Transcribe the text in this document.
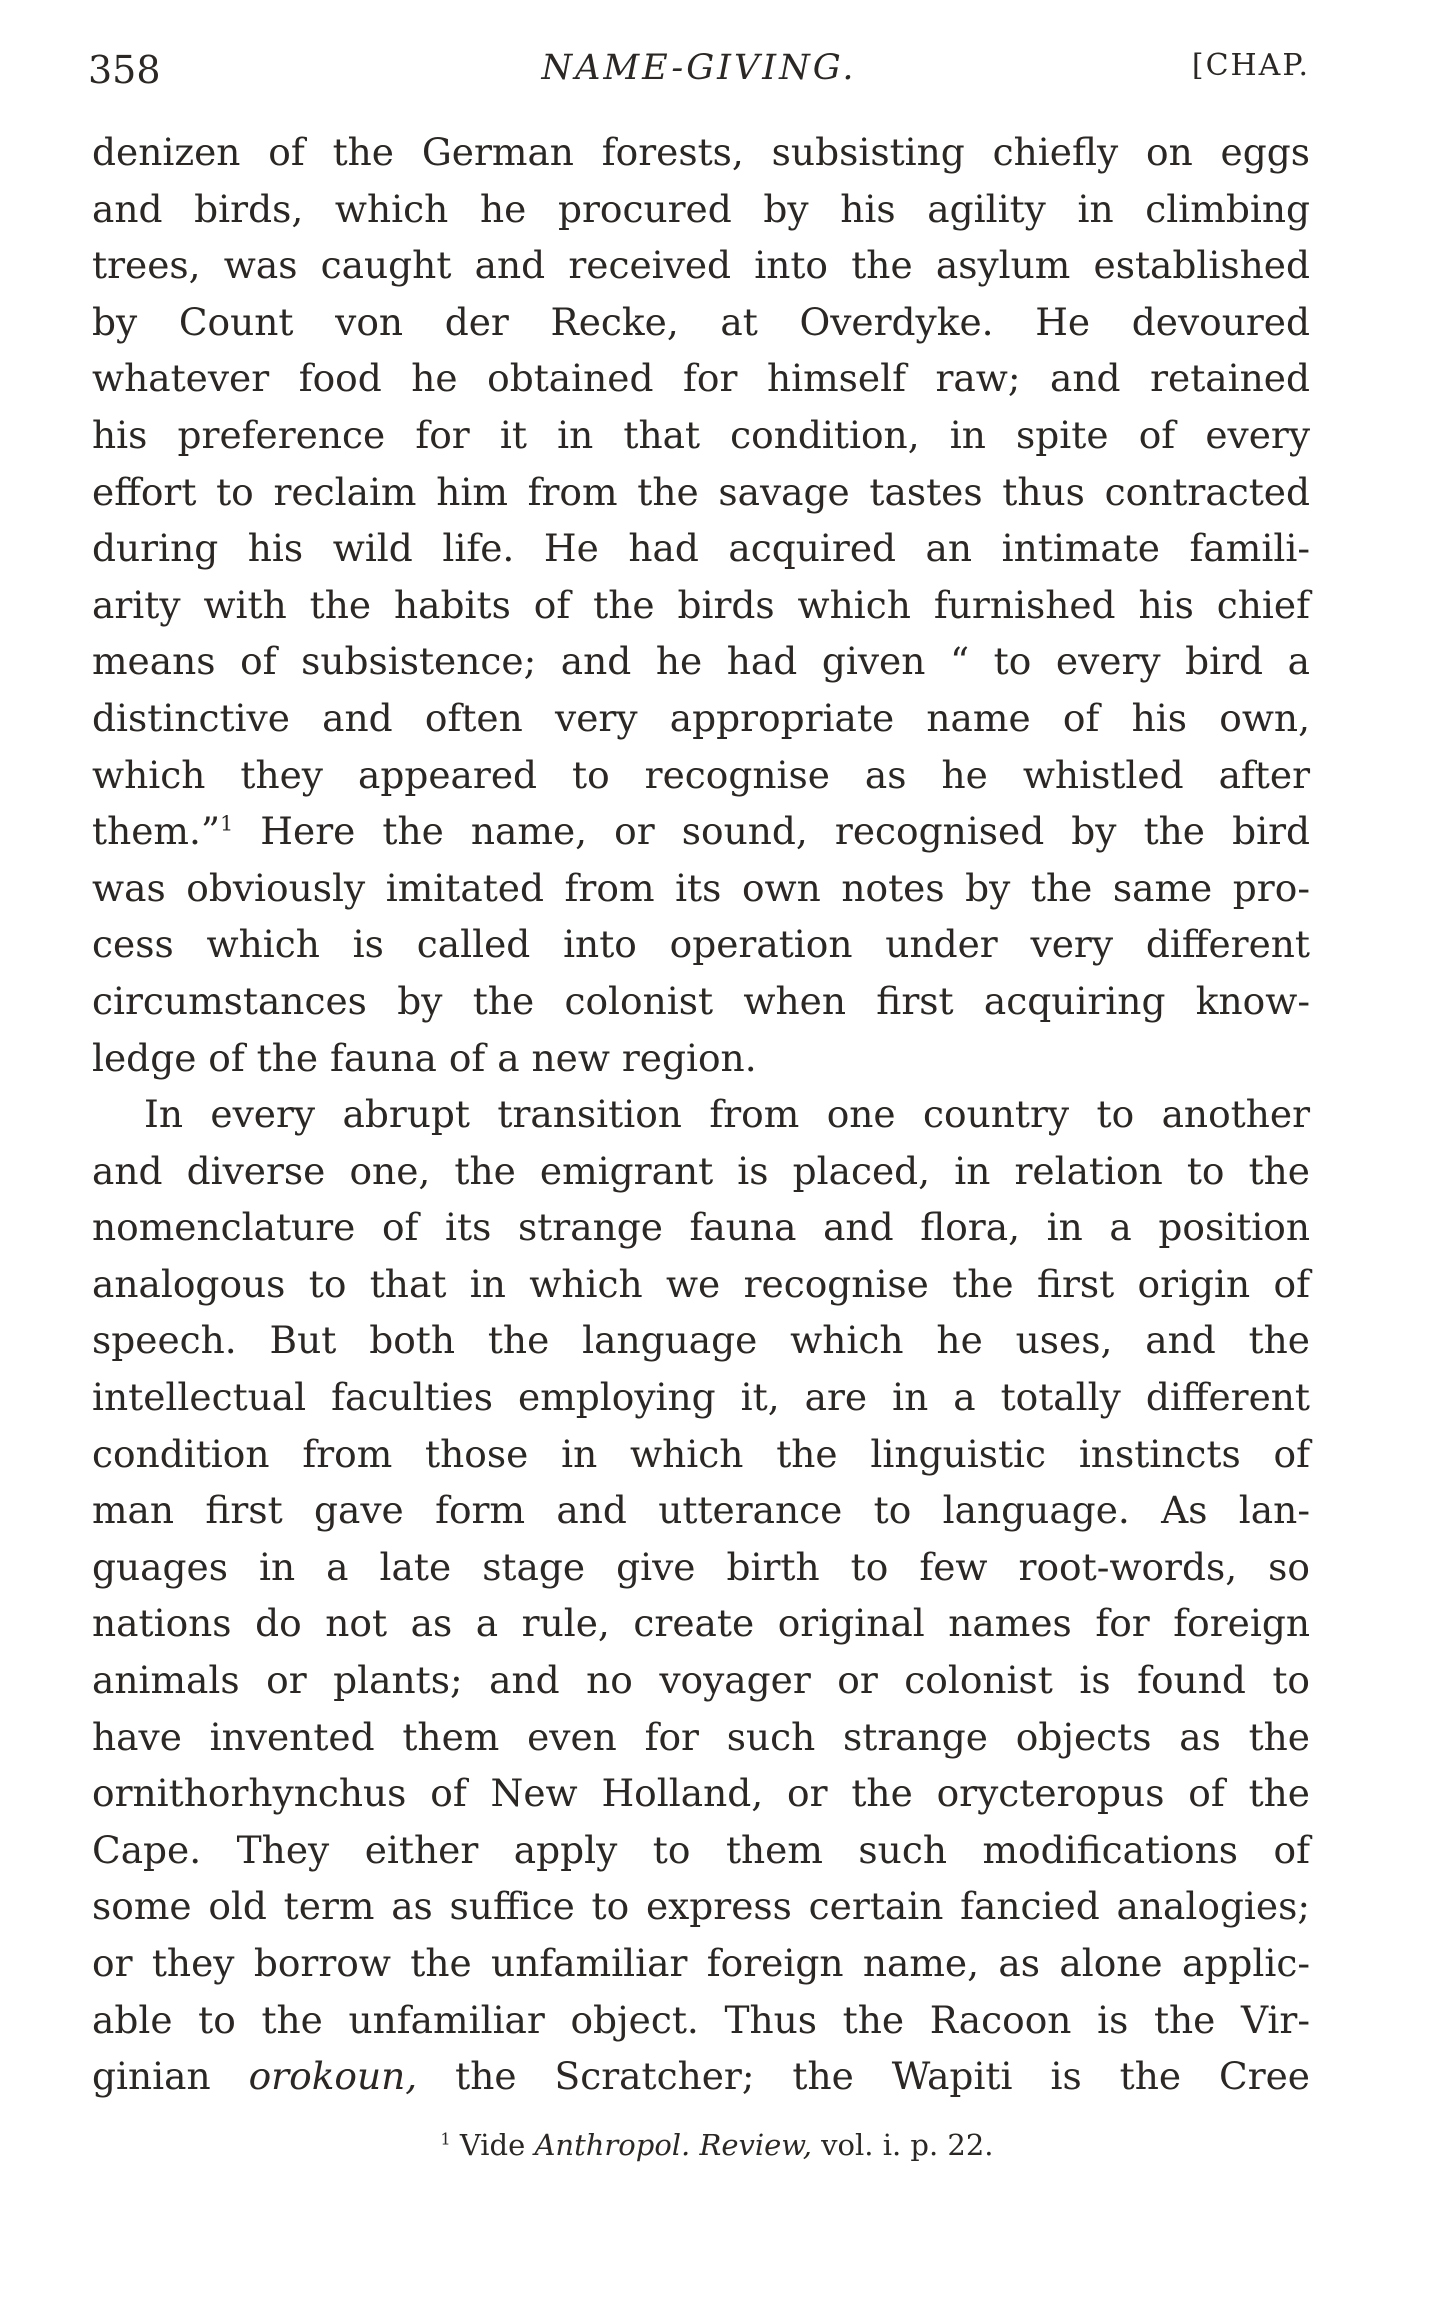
358	NAME-GIVING.	[CHAP.
denizen of the German forests, subsisting chiefly on eggs
and birds, which he procured by his agility in climbing
trees, was caught and received into the asylum established
by Count von der Recke, at Overdyke. He devoured
whatever food he obtained for himself raw; and retained
his preference for it in that condition, in spite of every
effort to reclaim him from the savage tastes thus contracted
during his wild life. He had acquired an intimate famili-
arity with the habits of the birds which furnished his chief
means of subsistence; and he had given “ to every bird a
distinctive and often very appropriate name of his own,
which they appeared to recognise as he whistled after
them.”$^1$ Here the name, or sound, recognised by the bird
was obviously imitated from its own notes by the same pro-
cess which is called into operation under very different
circumstances by the colonist when first acquiring know-
ledge of the fauna of a new region.
In every abrupt transition from one country to another
and diverse one, the emigrant is placed, in relation to the
nomenclature of its strange fauna and flora, in a position
analogous to that in which we recognise the first origin of
speech. But both the language which he uses, and the
intellectual faculties employing it, are in a totally different
condition from those in which the linguistic instincts of
man first gave form and utterance to language. As lan-
guages in a late stage give birth to few root-words, so
nations do not as a rule, create original names for foreign
animals or plants; and no voyager or colonist is found to
have invented them even for such strange objects as the
ornithorhynchus of New Holland, or the orycteropus of the
Cape. They either apply to them such modifications of
some old term as suffice to express certain fancied analogies;
or they borrow the unfamiliar foreign name, as alone applic-
able to the unfamiliar object. Thus the Racoon is the Vir-
ginian orokoun, the Scratcher; the Wapiti is the Cree
$^1$ Vide Anthropol. Review, vol. i. p. 22.
